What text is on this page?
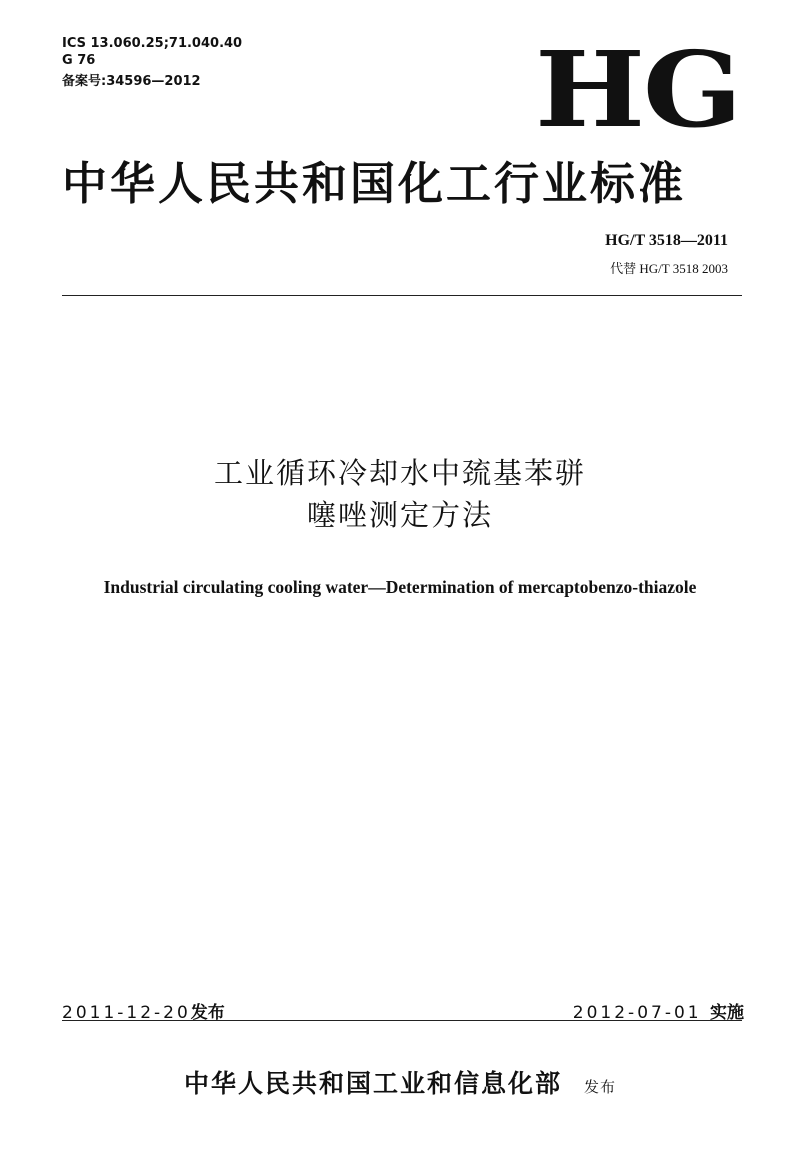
ICS 13.060.25;71.040.40
G 76
备案号:34596—2012	HG
中华人民共和国化工行业标准
HG/T 3518—2011
代替 HG/T 3518 2003
工业循环冷却水中巯基苯骈
噻唑测定方法
Industrial circulating cooling water—Determination of mercaptobenzo-thiazole
2011-12-20发布	2012-07-01 实施
中华人民共和国工业和信息化部 发布
